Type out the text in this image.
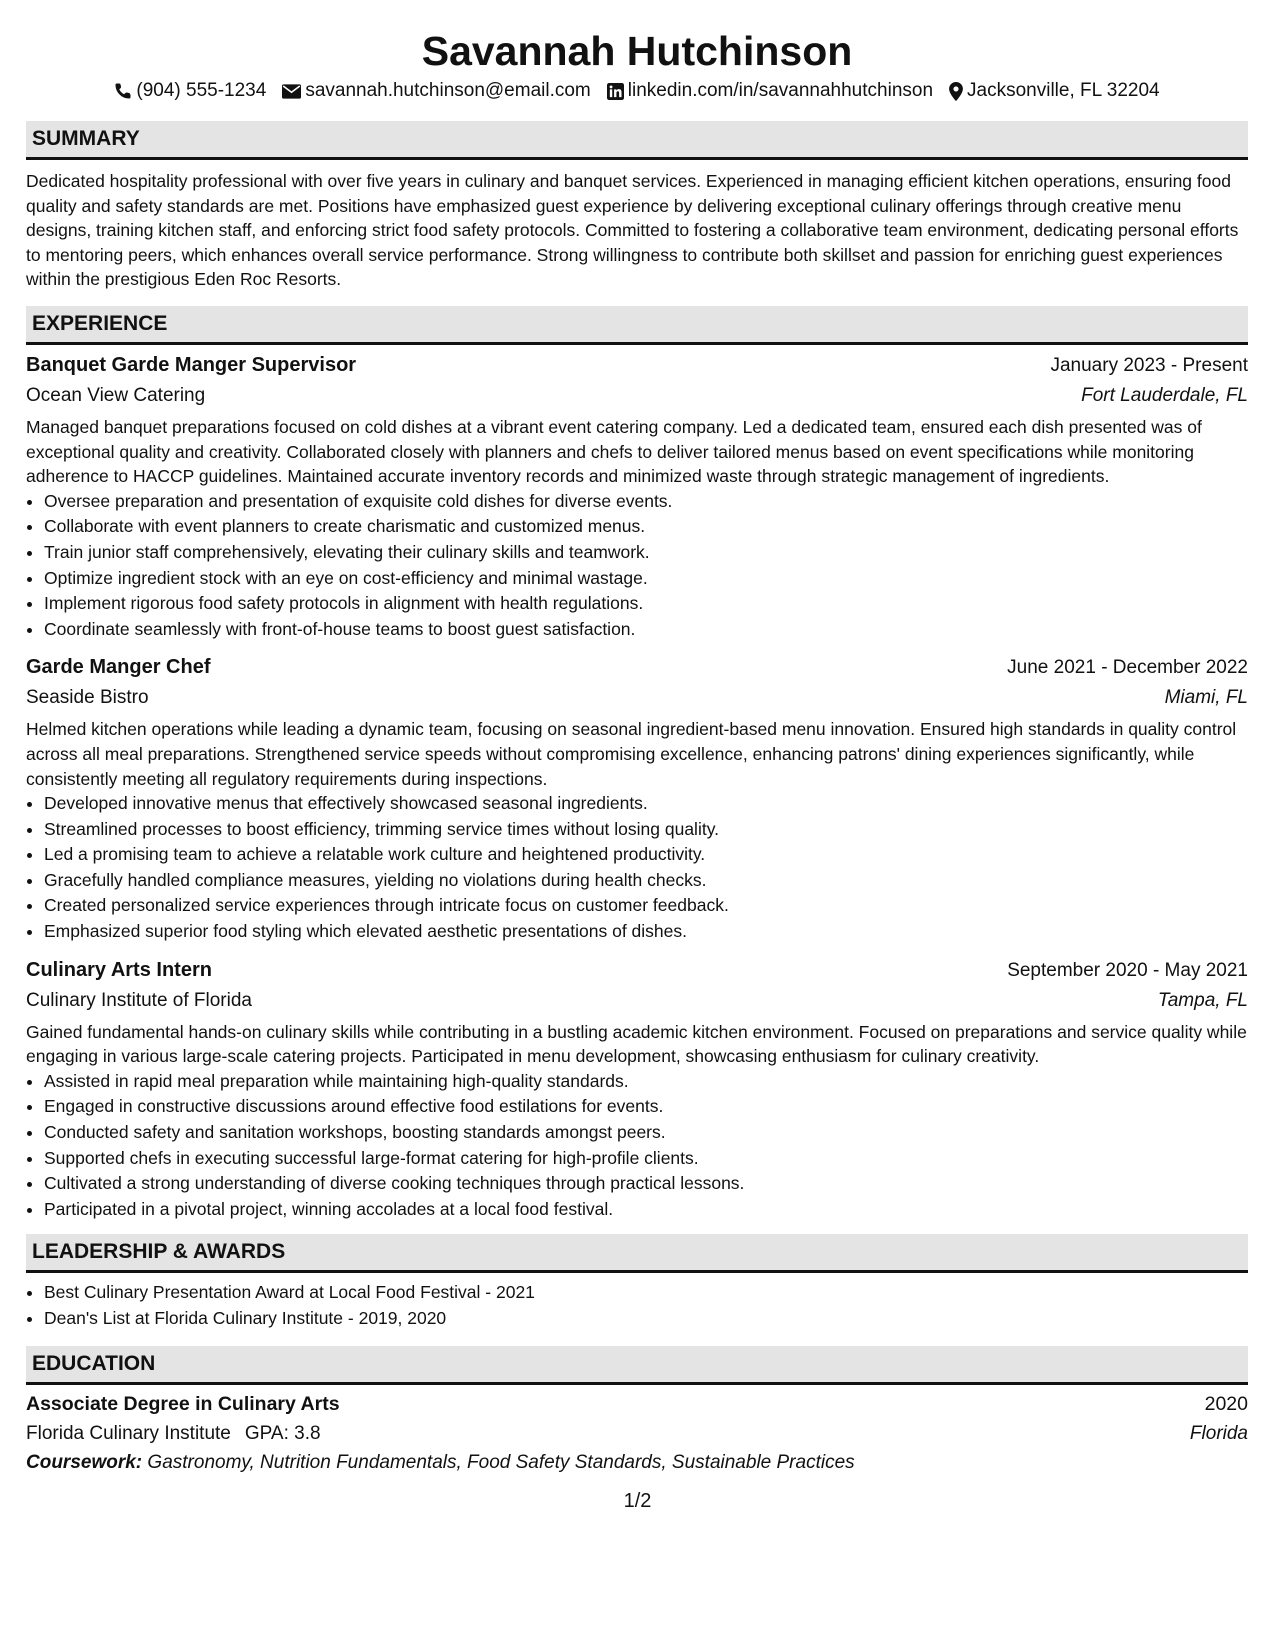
Savannah Hutchinson
(904) 555-1234 savannah.hutchinson@email.com linkedin.com/in/savannahhutchinson Jacksonville, FL 32204
SUMMARY
Dedicated hospitality professional with over five years in culinary and banquet services. Experienced in managing efficient kitchen operations, ensuring food quality and safety standards are met. Positions have emphasized guest experience by delivering exceptional culinary offerings through creative menu designs, training kitchen staff, and enforcing strict food safety protocols. Committed to fostering a collaborative team environment, dedicating personal efforts to mentoring peers, which enhances overall service performance. Strong willingness to contribute both skillset and passion for enriching guest experiences within the prestigious Eden Roc Resorts.
EXPERIENCE
Banquet Garde Manger Supervisor	January 2023 - Present
Ocean View Catering	Fort Lauderdale, FL
Managed banquet preparations focused on cold dishes at a vibrant event catering company. Led a dedicated team, ensured each dish presented was of exceptional quality and creativity. Collaborated closely with planners and chefs to deliver tailored menus based on event specifications while monitoring adherence to HACCP guidelines. Maintained accurate inventory records and minimized waste through strategic management of ingredients.
• Oversee preparation and presentation of exquisite cold dishes for diverse events.
• Collaborate with event planners to create charismatic and customized menus.
• Train junior staff comprehensively, elevating their culinary skills and teamwork.
• Optimize ingredient stock with an eye on cost-efficiency and minimal wastage.
• Implement rigorous food safety protocols in alignment with health regulations.
• Coordinate seamlessly with front-of-house teams to boost guest satisfaction.
Garde Manger Chef	June 2021 - December 2022
Seaside Bistro	Miami, FL
Helmed kitchen operations while leading a dynamic team, focusing on seasonal ingredient-based menu innovation. Ensured high standards in quality control across all meal preparations. Strengthened service speeds without compromising excellence, enhancing patrons' dining experiences significantly, while consistently meeting all regulatory requirements during inspections.
• Developed innovative menus that effectively showcased seasonal ingredients.
• Streamlined processes to boost efficiency, trimming service times without losing quality.
• Led a promising team to achieve a relatable work culture and heightened productivity.
• Gracefully handled compliance measures, yielding no violations during health checks.
• Created personalized service experiences through intricate focus on customer feedback.
• Emphasized superior food styling which elevated aesthetic presentations of dishes.
Culinary Arts Intern	September 2020 - May 2021
Culinary Institute of Florida	Tampa, FL
Gained fundamental hands-on culinary skills while contributing in a bustling academic kitchen environment. Focused on preparations and service quality while engaging in various large-scale catering projects. Participated in menu development, showcasing enthusiasm for culinary creativity.
• Assisted in rapid meal preparation while maintaining high-quality standards.
• Engaged in constructive discussions around effective food estilations for events.
• Conducted safety and sanitation workshops, boosting standards amongst peers.
• Supported chefs in executing successful large-format catering for high-profile clients.
• Cultivated a strong understanding of diverse cooking techniques through practical lessons.
• Participated in a pivotal project, winning accolades at a local food festival.
LEADERSHIP & AWARDS
• Best Culinary Presentation Award at Local Food Festival - 2021
• Dean's List at Florida Culinary Institute - 2019, 2020
EDUCATION
Associate Degree in Culinary Arts	2020
Florida Culinary Institute GPA: 3.8	Florida
Coursework: Gastronomy, Nutrition Fundamentals, Food Safety Standards, Sustainable Practices
1/2
